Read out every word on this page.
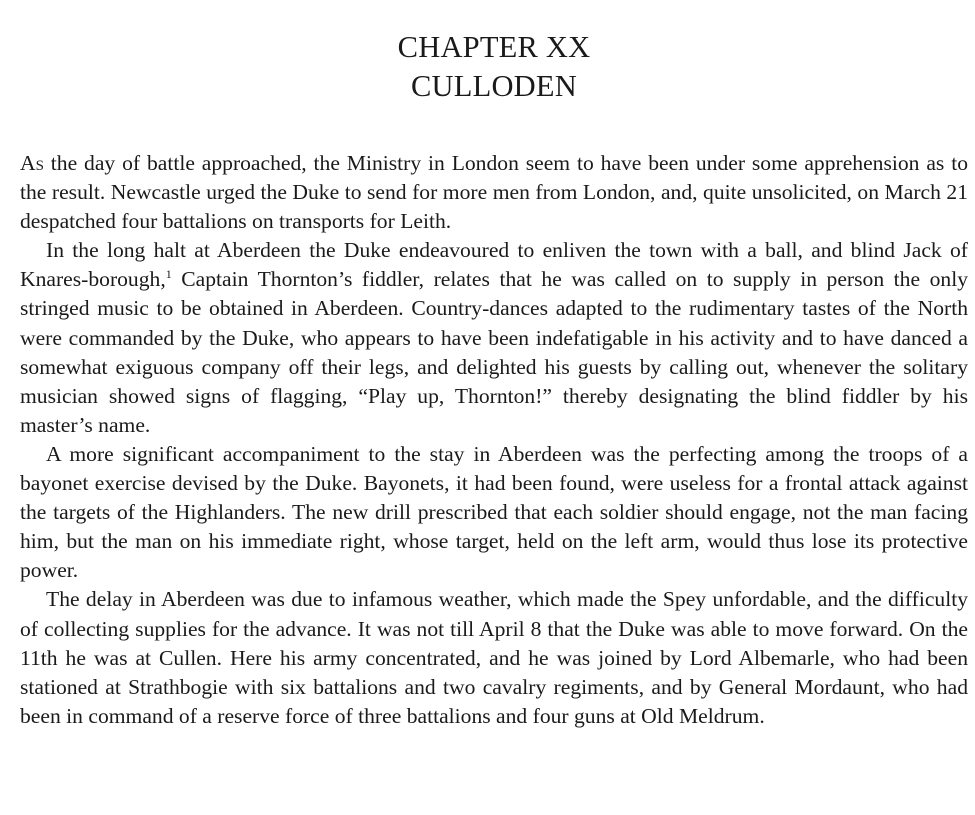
CHAPTER XX
CULLODEN

As the day of battle approached, the Ministry in London seem to have been under some apprehension as to the result. Newcastle urged the Duke to send for more men from London, and, quite unsolicited, on March 21 despatched four battalions on transports for Leith.

In the long halt at Aberdeen the Duke endeavoured to enliven the town with a ball, and blind Jack of Knares-borough,$^1$ Captain Thornton’s fiddler, relates that he was called on to supply in person the only stringed music to be obtained in Aberdeen. Country-dances adapted to the rudimentary tastes of the North were commanded by the Duke, who appears to have been indefatigable in his activity and to have danced a somewhat exiguous company off their legs, and delighted his guests by calling out, whenever the solitary musician showed signs of flagging, “Play up, Thornton!” thereby designating the blind fiddler by his master’s name.

A more significant accompaniment to the stay in Aberdeen was the perfecting among the troops of a bayonet exercise devised by the Duke. Bayonets, it had been found, were useless for a frontal attack against the targets of the Highlanders. The new drill prescribed that each soldier should engage, not the man facing him, but the man on his immediate right, whose target, held on the left arm, would thus lose its protective power.

The delay in Aberdeen was due to infamous weather, which made the Spey unfordable, and the difficulty of collecting supplies for the advance. It was not till April 8 that the Duke was able to move forward. On the 11th he was at Cullen. Here his army concentrated, and he was joined by Lord Albemarle, who had been stationed at Strathbogie with six battalions and two cavalry regiments, and by General Mordaunt, who had been in command of a reserve force of three battalions and four guns at Old Meldrum.
